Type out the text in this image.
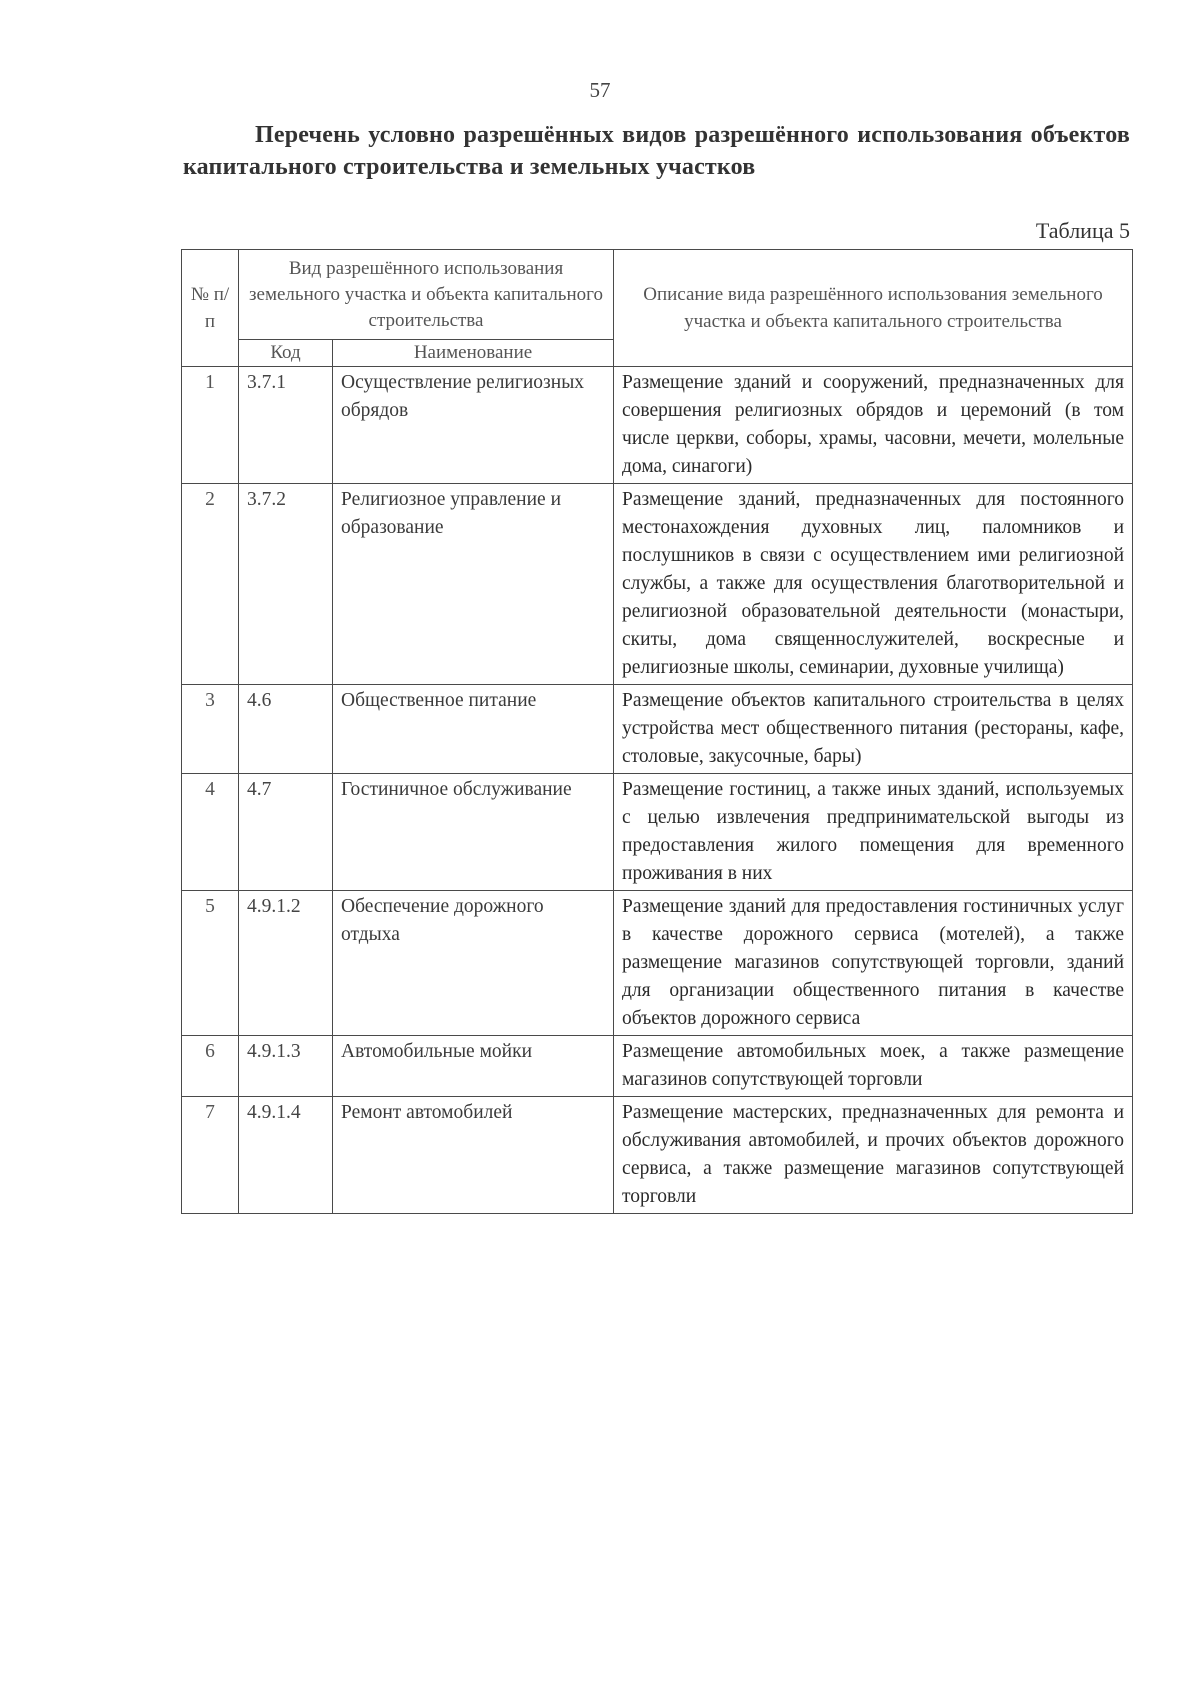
57

Перечень условно разрешённых видов разрешённого использования объектов капитального строительства и земельных участков

Таблица 5
№ п/п	Вид разрешённого использования земельного участка и объекта капитального строительства		Описание вида разрешённого использования земельного участка и объекта капитального строительства
	Код	Наименование	
1	3.7.1	Осуществление религиозных обрядов	Размещение зданий и сооружений, предназначенных для совершения религиозных обрядов и церемоний (в том числе церкви, соборы, храмы, часовни, мечети, молельные дома, синагоги)
2	3.7.2	Религиозное управление и образование	Размещение зданий, предназначенных для постоянного местонахождения духовных лиц, паломников и послушников в связи с осуществлением ими религиозной службы, а также для осуществления благотворительной и религиозной образовательной деятельности (монастыри, скиты, дома священнослужителей, воскресные и религиозные школы, семинарии, духовные училища)
3	4.6	Общественное питание	Размещение объектов капитального строительства в целях устройства мест общественного питания (рестораны, кафе, столовые, закусочные, бары)
4	4.7	Гостиничное обслуживание	Размещение гостиниц, а также иных зданий, используемых с целью извлечения предпринимательской выгоды из предоставления жилого помещения для временного проживания в них
5	4.9.1.2	Обеспечение дорожного отдыха	Размещение зданий для предоставления гостиничных услуг в качестве дорожного сервиса (мотелей), а также размещение магазинов сопутствующей торговли, зданий для организации общественного питания в качестве объектов дорожного сервиса
6	4.9.1.3	Автомобильные мойки	Размещение автомобильных моек, а также размещение магазинов сопутствующей торговли
7	4.9.1.4	Ремонт автомобилей	Размещение мастерских, предназначенных для ремонта и обслуживания автомобилей, и прочих объектов дорожного сервиса, а также размещение магазинов сопутствующей торговли
